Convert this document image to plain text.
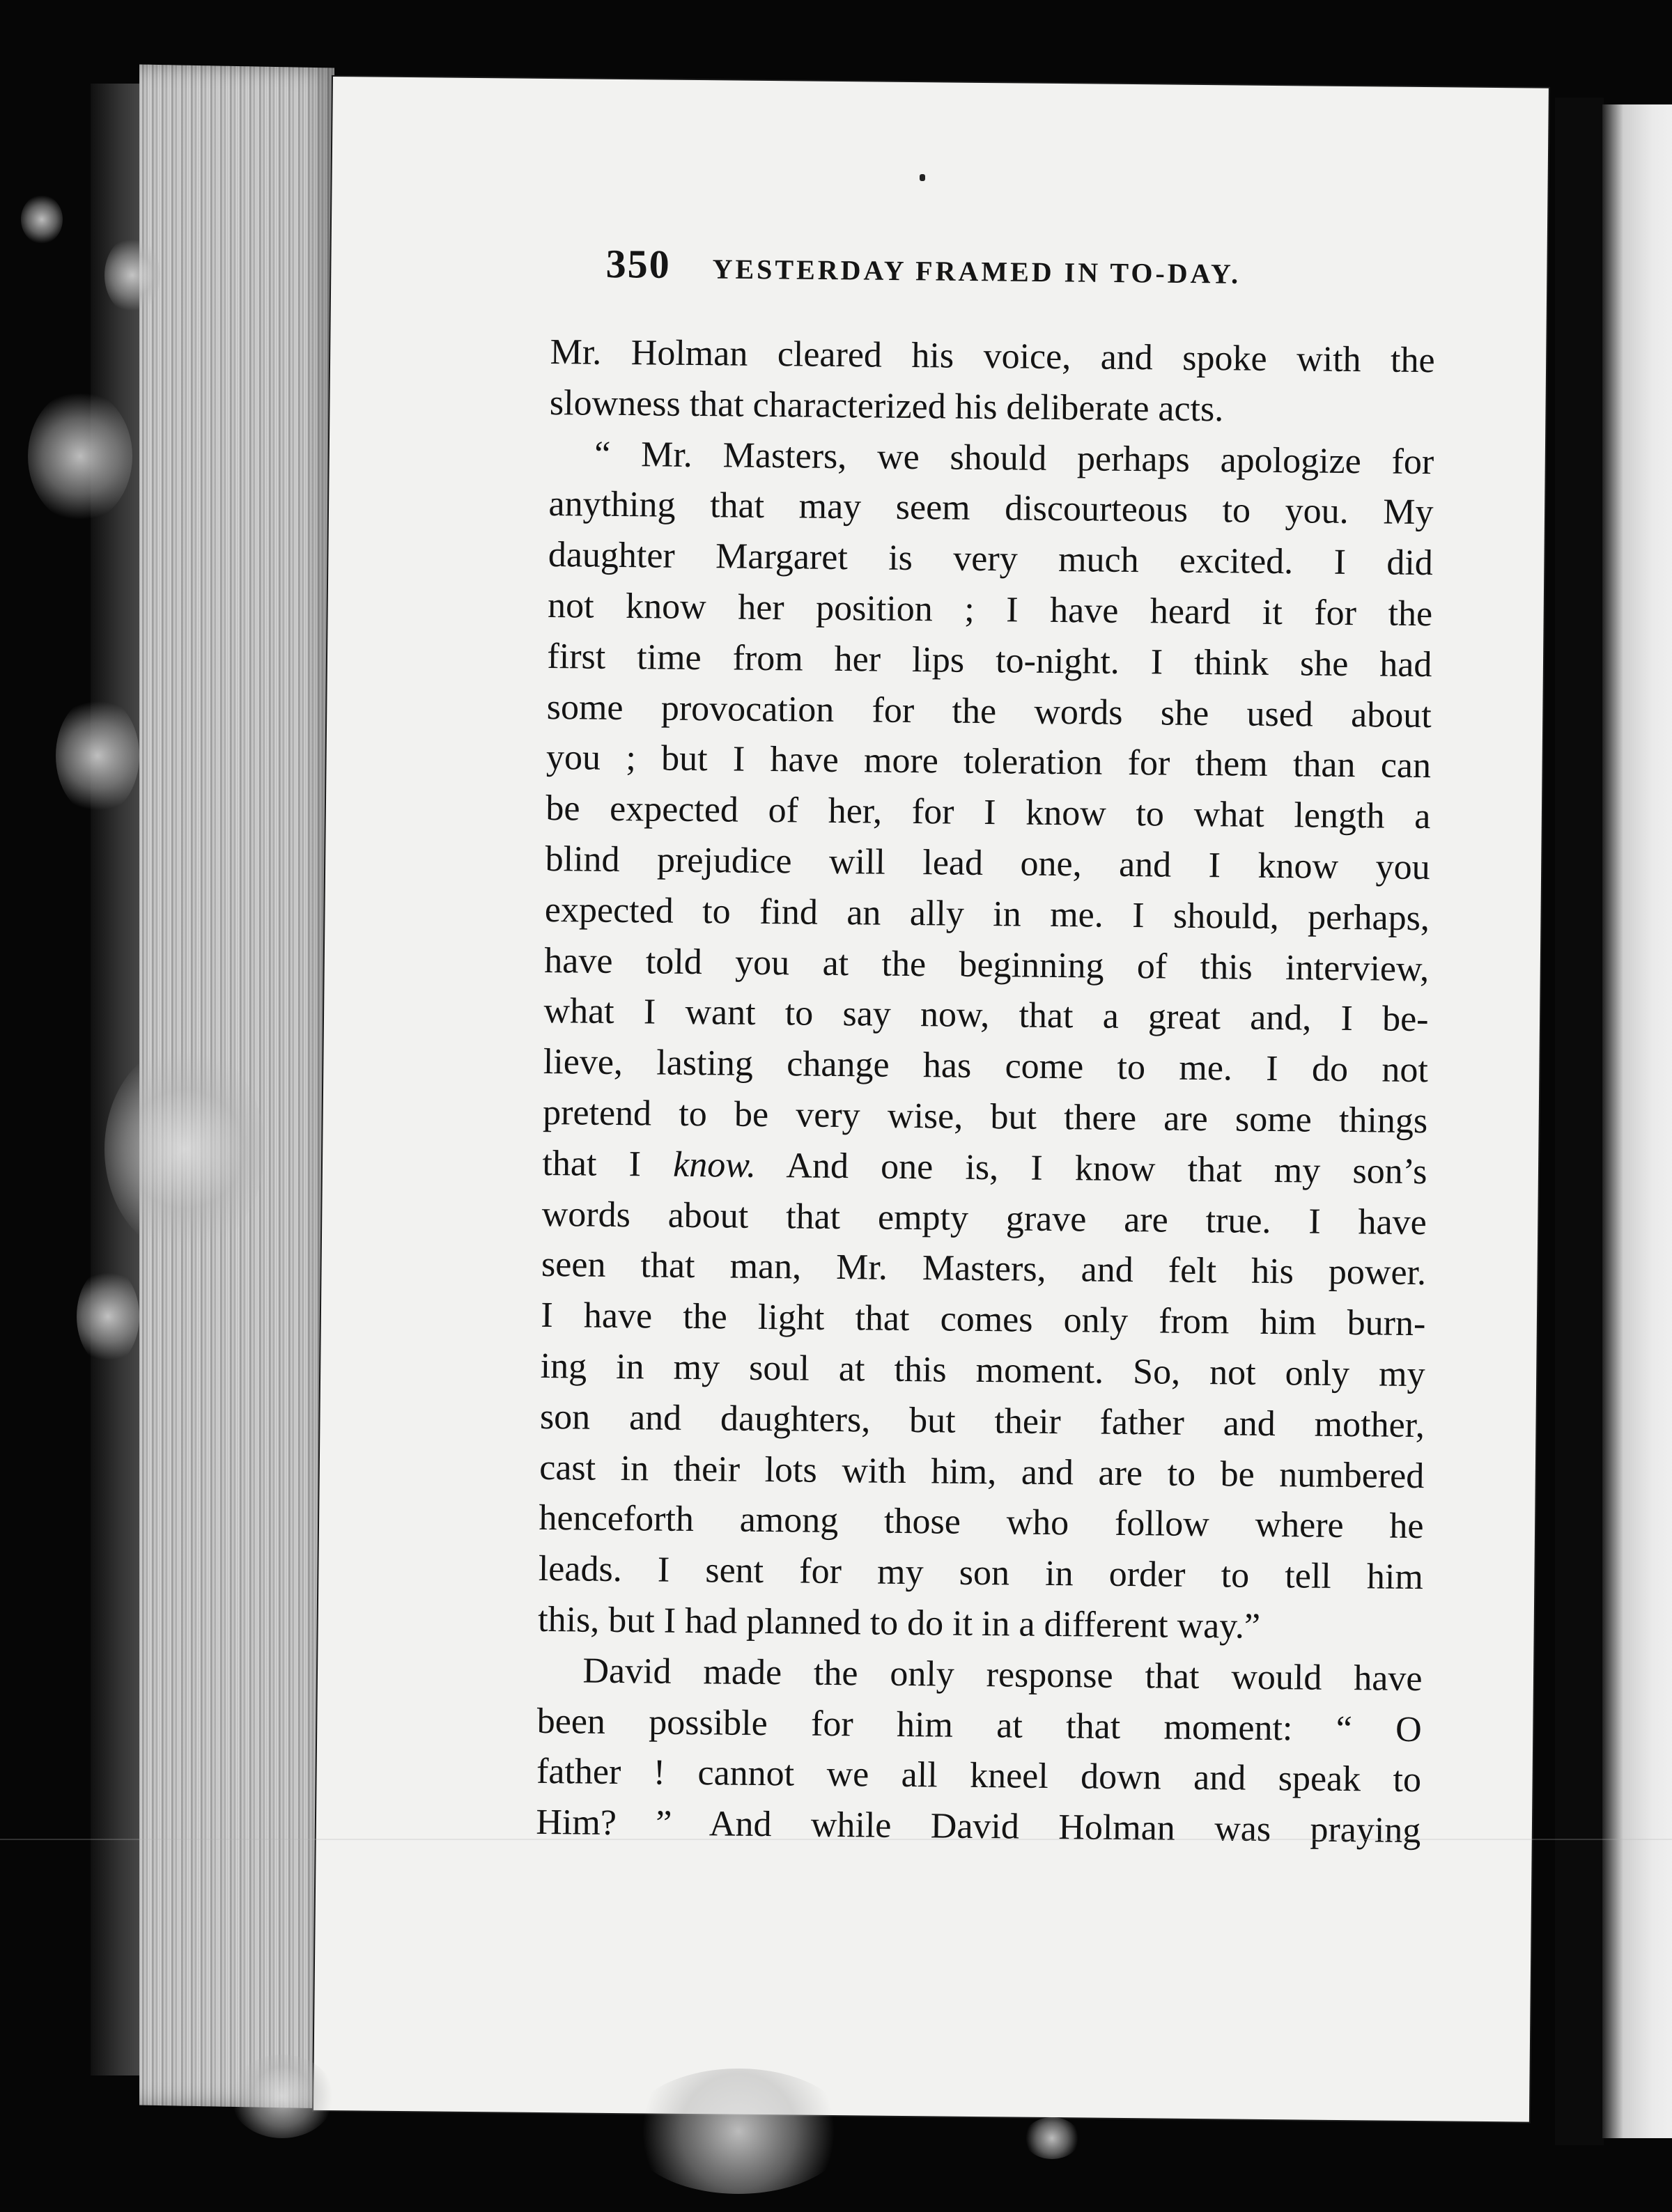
350 YESTERDAY FRAMED IN TO-DAY.
Mr. Holman cleared his voice, and spoke with the
slowness that characterized his deliberate acts.
“ Mr. Masters, we should perhaps apologize for
anything that may seem discourteous to you. My
daughter Margaret is very much excited. I did
not know her position ; I have heard it for the
first time from her lips to-night. I think she had
some provocation for the words she used about
you ; but I have more toleration for them than can
be expected of her, for I know to what length a
blind prejudice will lead one, and I know you
expected to find an ally in me. I should, perhaps,
have told you at the beginning of this interview,
what I want to say now, that a great and, I be-
lieve, lasting change has come to me. I do not
pretend to be very wise, but there are some things
that I know. And one is, I know that my son’s
words about that empty grave are true. I have
seen that man, Mr. Masters, and felt his power.
I have the light that comes only from him burn-
ing in my soul at this moment. So, not only my
son and daughters, but their father and mother,
cast in their lots with him, and are to be numbered
henceforth among those who follow where he
leads. I sent for my son in order to tell him
this, but I had planned to do it in a different way.”
David made the only response that would have
been possible for him at that moment: “ O
father ! cannot we all kneel down and speak to
Him? ” And while David Holman was praying
